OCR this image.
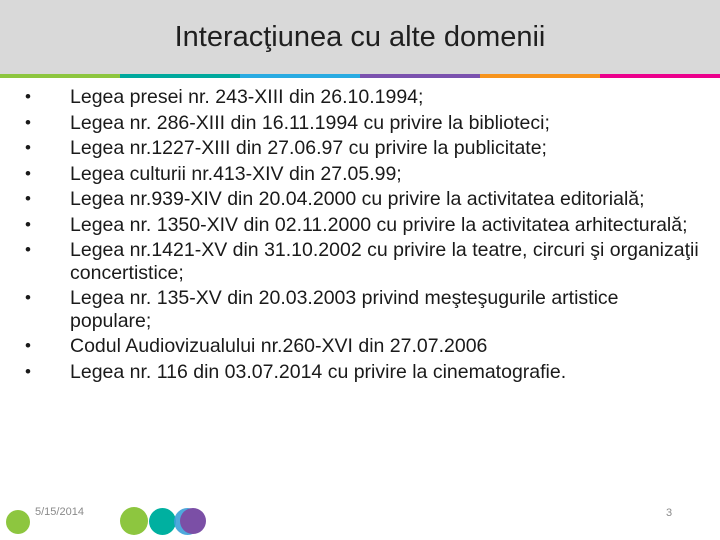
Interacţiunea cu alte domenii
• Legea presei nr. 243-XIII din 26.10.1994;
• Legea nr. 286-XIII din 16.11.1994 cu privire la biblioteci;
• Legea nr.1227-XIII din 27.06.97 cu privire la publicitate;
• Legea culturii nr.413-XIV din 27.05.99;
• Legea nr.939-XIV din 20.04.2000 cu privire la activitatea editorială;
• Legea nr. 1350-XIV din 02.11.2000 cu privire la activitatea arhitecturală;
• Legea nr.1421-XV din 31.10.2002 cu privire la teatre, circuri şi organizaţii concertistice;
• Legea nr. 135-XV din 20.03.2003 privind meşteşugurile artistice populare;
• Codul Audiovizualului nr.260-XVI din 27.07.2006
• Legea nr. 116 din 03.07.2014 cu privire la cinematografie.
5/15/2014	3
